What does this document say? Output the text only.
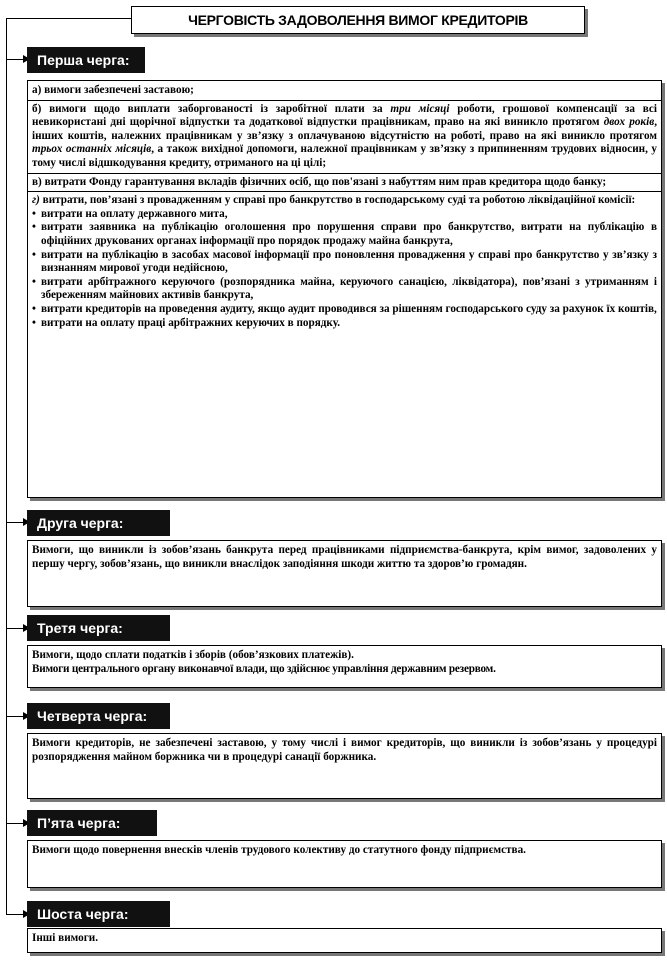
ЧЕРГОВІСТЬ ЗАДОВОЛЕННЯ ВИМОГ КРЕДИТОРІВ
Перша черга:

а) вимоги забезпечені заставою;

б) вимоги щодо виплати заборгованості із заробітної плати за три місяці роботи, грошової компенсації за всі невикористані дні щорічної відпустки та додаткової відпустки працівникам, право на які виникло протягом двох років, інших коштів, належних працівникам у зв’язку з оплачуваною відсутністю на роботі, право на які виникло протягом трьох останніх місяців, а також вихідної допомоги, належної працівникам у зв’язку з припиненням трудових відносин, у тому числі відшкодування кредиту, отриманого на ці цілі;

в) витрати Фонду гарантування вкладів фізичних осіб, що пов'язані з набуттям ним прав кредитора щодо банку;

г) витрати, пов’язані з провадженням у справі про банкрутство в господарському суді та роботою ліквідаційної комісії:

• витрати на оплату державного мита,
• витрати заявника на публікацію оголошення про порушення справи про банкрутство, витрати на публікацію в офіційних друкованих органах інформації про порядок продажу майна банкрута,
• витрати на публікацію в засобах масової інформації про поновлення провадження у справі про банкрутство у зв’язку з визнанням мирової угоди недійсною,
• витрати арбітражного керуючого (розпорядника майна, керуючого санацією, ліквідатора), пов’язані з утриманням і збереженням майнових активів банкрута,
• витрати кредиторів на проведення аудиту, якщо аудит проводився за рішенням господарського суду за рахунок їх коштів,
• витрати на оплату праці арбітражних керуючих в порядку.
Друга черга:

Вимоги, що виникли із зобов’язань банкрута перед працівниками підприємства-банкрута, крім вимог, задоволених у першу чергу, зобов’язань, що виникли внаслідок заподіяння шкоди життю та здоров’ю громадян.

Третя черга:

Вимоги, щодо сплати податків і зборів (обов’язкових платежів).

Вимоги центрального органу виконавчої влади, що здійснює управління державним резервом.

Четверта черга:

Вимоги кредиторів, не забезпечені заставою, у тому числі і вимог кредиторів, що виникли із зобов’язань у процедурі розпорядження майном боржника чи в процедурі санації боржника.

П’ята черга:

Вимоги щодо повернення внесків членів трудового колективу до статутного фонду підприємства.

Шоста черга:

Інші вимоги.
